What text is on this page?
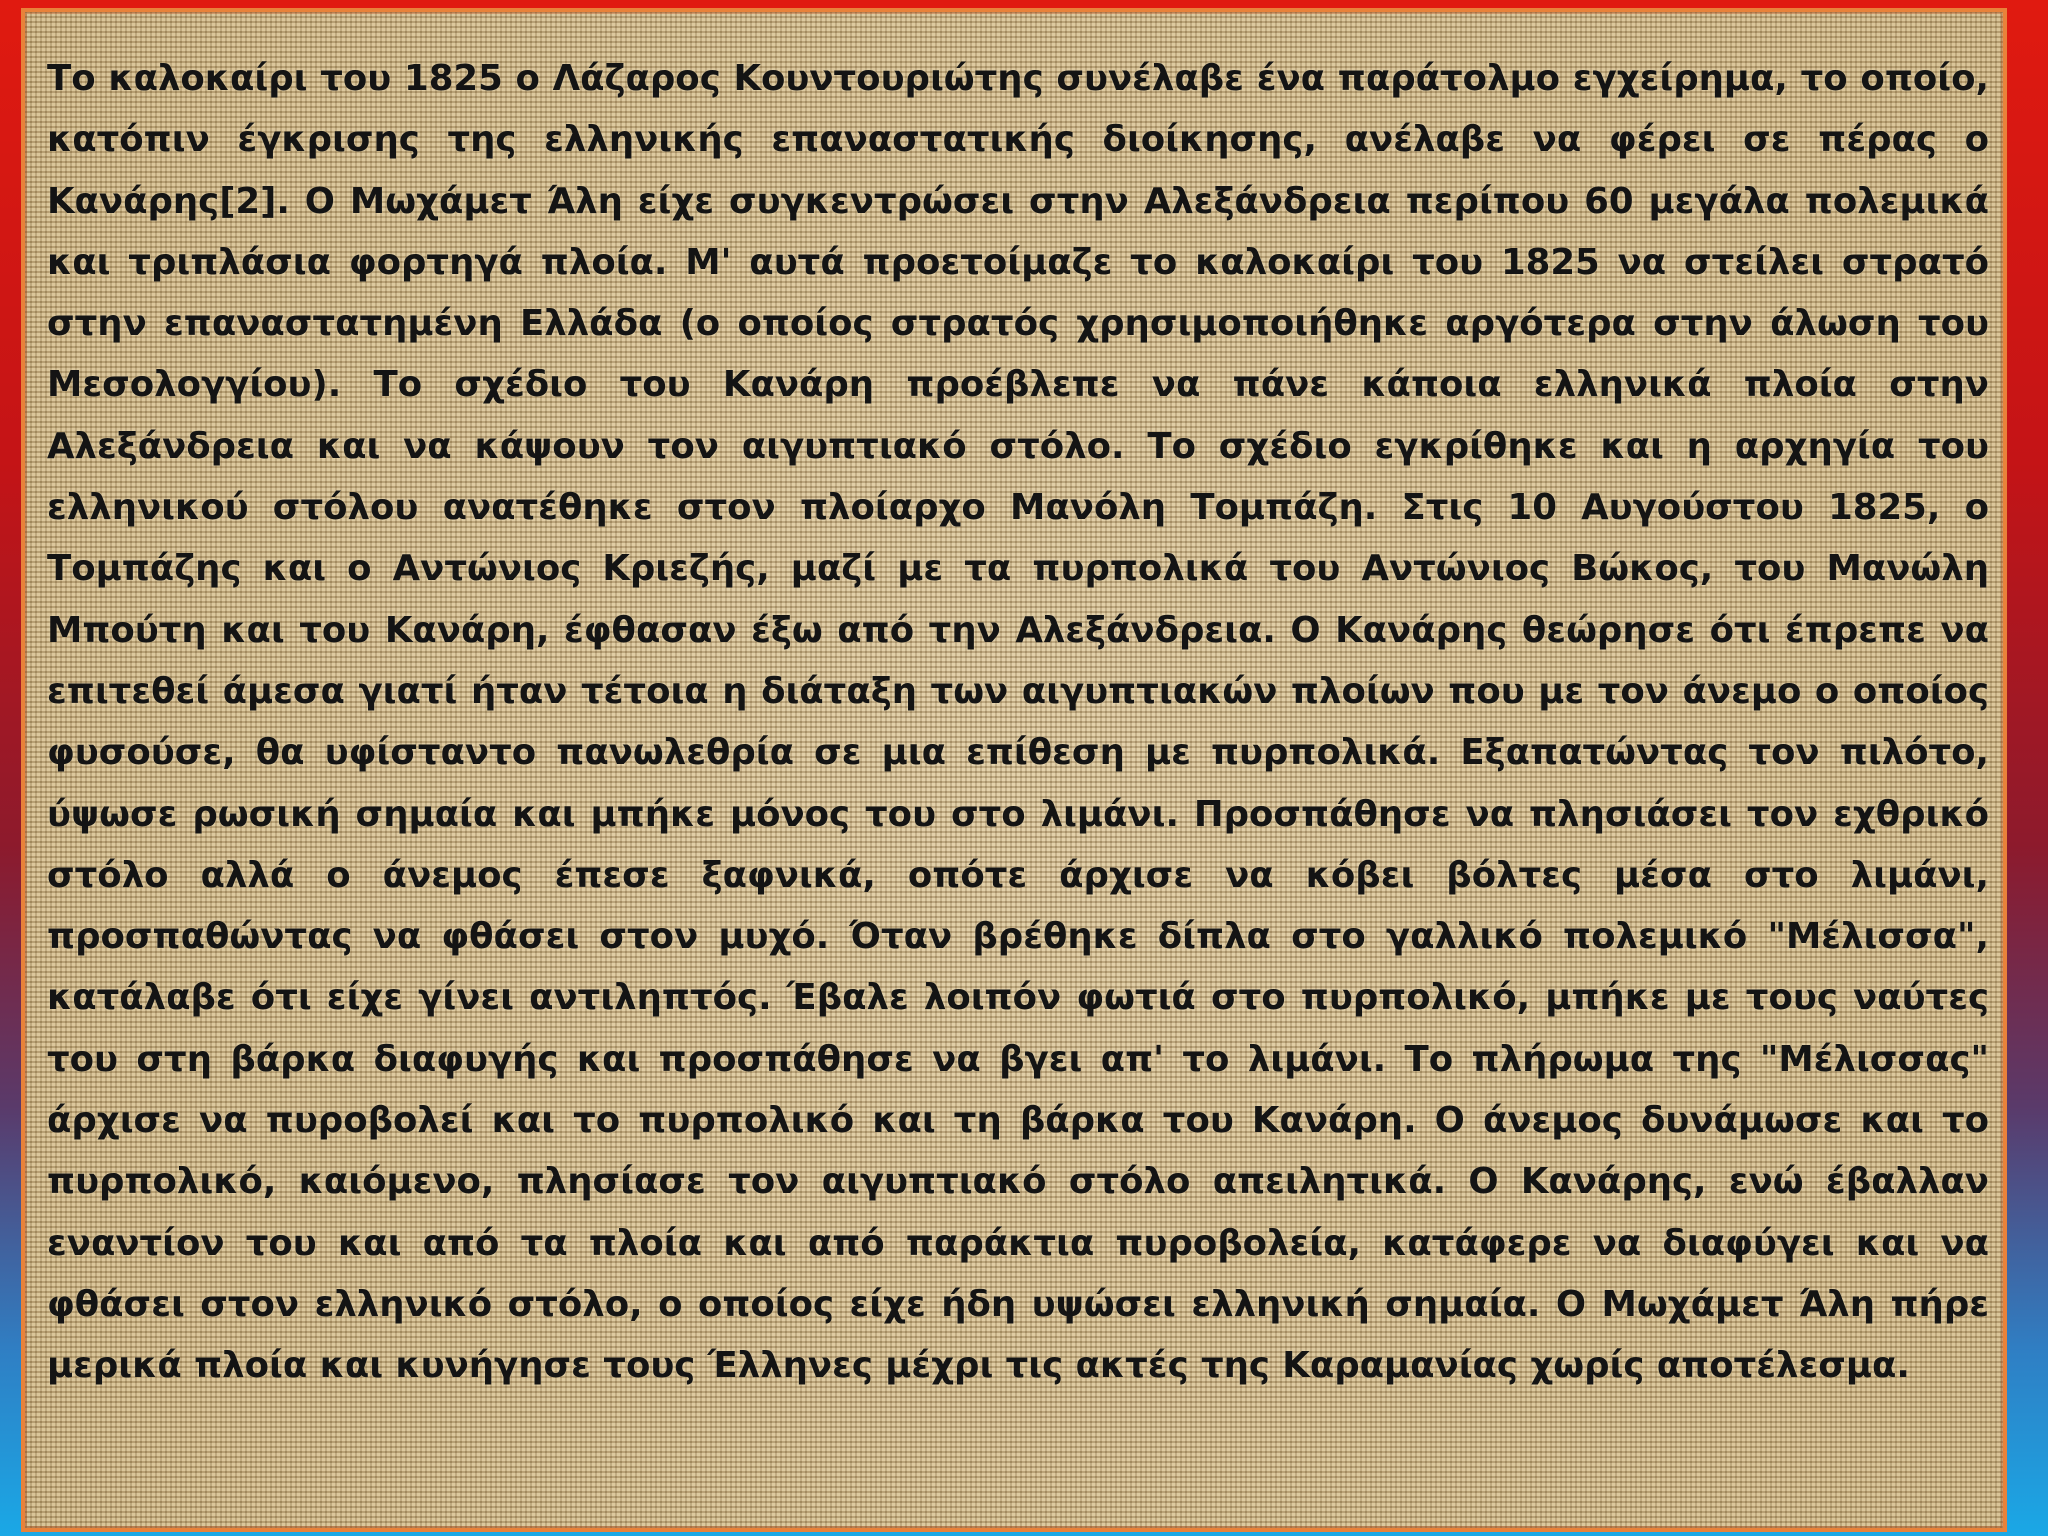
Το καλοκαίρι του 1825 ο Λάζαρος Κουντουριώτης συνέλαβε ένα παράτολμο εγχείρημα, το οποίο, κατόπιν έγκρισης της ελληνικής επαναστατικής διοίκησης, ανέλαβε να φέρει σε πέρας ο Κανάρης[2]. Ο Μωχάμετ Άλη είχε συγκεντρώσει στην Αλεξάνδρεια περίπου 60 μεγάλα πολεμικά και τριπλάσια φορτηγά πλοία. Μ' αυτά προετοίμαζε το καλοκαίρι του 1825 να στείλει στρατό στην επαναστατημένη Ελλάδα (ο οποίος στρατός χρησιμοποιήθηκε αργότερα στην άλωση του Μεσολογγίου). Το σχέδιο του Κανάρη προέβλεπε να πάνε κάποια ελληνικά πλοία στην Αλεξάνδρεια και να κάψουν τον αιγυπτιακό στόλο. Το σχέδιο εγκρίθηκε και η αρχηγία του ελληνικού στόλου ανατέθηκε στον πλοίαρχο Μανόλη Τομπάζη. Στις 10 Αυγούστου 1825, ο Τομπάζης και ο Αντώνιος Κριεζής, μαζί με τα πυρπολικά του Αντώνιος Βώκος, του Μανώλη Μπούτη και του Κανάρη, έφθασαν έξω από την Αλεξάνδρεια. Ο Κανάρης θεώρησε ότι έπρεπε να επιτεθεί άμεσα γιατί ήταν τέτοια η διάταξη των αιγυπτιακών πλοίων που με τον άνεμο ο οποίος φυσούσε, θα υφίσταντο πανωλεθρία σε μια επίθεση με πυρπολικά. Εξαπατώντας τον πιλότο, ύψωσε ρωσική σημαία και μπήκε μόνος του στο λιμάνι. Προσπάθησε να πλησιάσει τον εχθρικό στόλο αλλά ο άνεμος έπεσε ξαφνικά, οπότε άρχισε να κόβει βόλτες μέσα στο λιμάνι, προσπαθώντας να φθάσει στον μυχό. Όταν βρέθηκε δίπλα στο γαλλικό πολεμικό "Μέλισσα", κατάλαβε ότι είχε γίνει αντιληπτός. Έβαλε λοιπόν φωτιά στο πυρπολικό, μπήκε με τους ναύτες του στη βάρκα διαφυγής και προσπάθησε να βγει απ' το λιμάνι. Το πλήρωμα της "Μέλισσας" άρχισε να πυροβολεί και το πυρπολικό και τη βάρκα του Κανάρη. Ο άνεμος δυνάμωσε και το πυρπολικό, καιόμενο, πλησίασε τον αιγυπτιακό στόλο απειλητικά. Ο Κανάρης, ενώ έβαλλαν εναντίον του και από τα πλοία και από παράκτια πυροβολεία, κατάφερε να διαφύγει και να φθάσει στον ελληνικό στόλο, ο οποίος είχε ήδη υψώσει ελληνική σημαία. Ο Μωχάμετ Άλη πήρε μερικά πλοία και κυνήγησε τους Έλληνες μέχρι τις ακτές της Καραμανίας χωρίς αποτέλεσμα.
